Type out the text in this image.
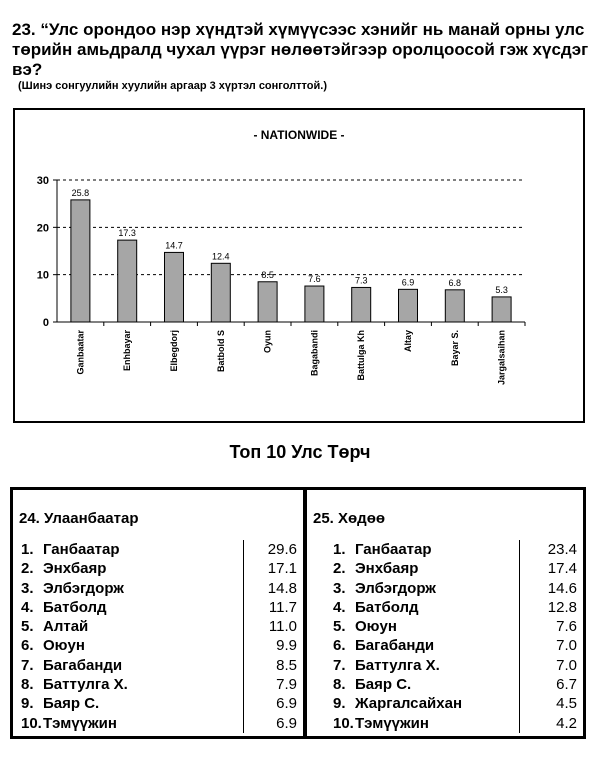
23. “Улс орондоо нэр хүндтэй хүмүүсээс хэнийг нь манай орны улс төрийн амьдралд чухал үүрэг нөлөөтэйгээр оролцоосой гэж хүсдэг вэ?

(Шинэ сонгуулийн хуулийн аргаар 3 хүртэл сонголттой.)

- NATIONWIDE -
0
10
20
30
25.8
Ganbaatar
17.3
Enhbayar
14.7
Elbegdorj
12.4
Batbold S
8.5
Oyun
7.6
Bagabandi
7.3
Battulga Kh
6.9
Altay
6.8
Bayar S.
5.3
Jargalsaihan

Топ 10 Улс Төрч

24. Улаанбаатар

1. Ганбаатар	29.6
2. Энхбаяр	17.1
3. Элбэгдорж	14.8
4. Батболд	11.7
5. Алтай	11.0
6. Оюун	9.9
7. Багабанди	8.5
8. Баттулга Х.	7.9
9. Баяр С.	6.9
10. Тэмүүжин	6.9

25. Хөдөө

1. Ганбаатар	23.4
2. Энхбаяр	17.4
3. Элбэгдорж	14.6
4. Батболд	12.8
5. Оюун	7.6
6. Багабанди	7.0
7. Баттулга Х.	7.0
8. Баяр С.	6.7
9. Жаргалсайхан	4.5
10. Тэмүүжин	4.2
